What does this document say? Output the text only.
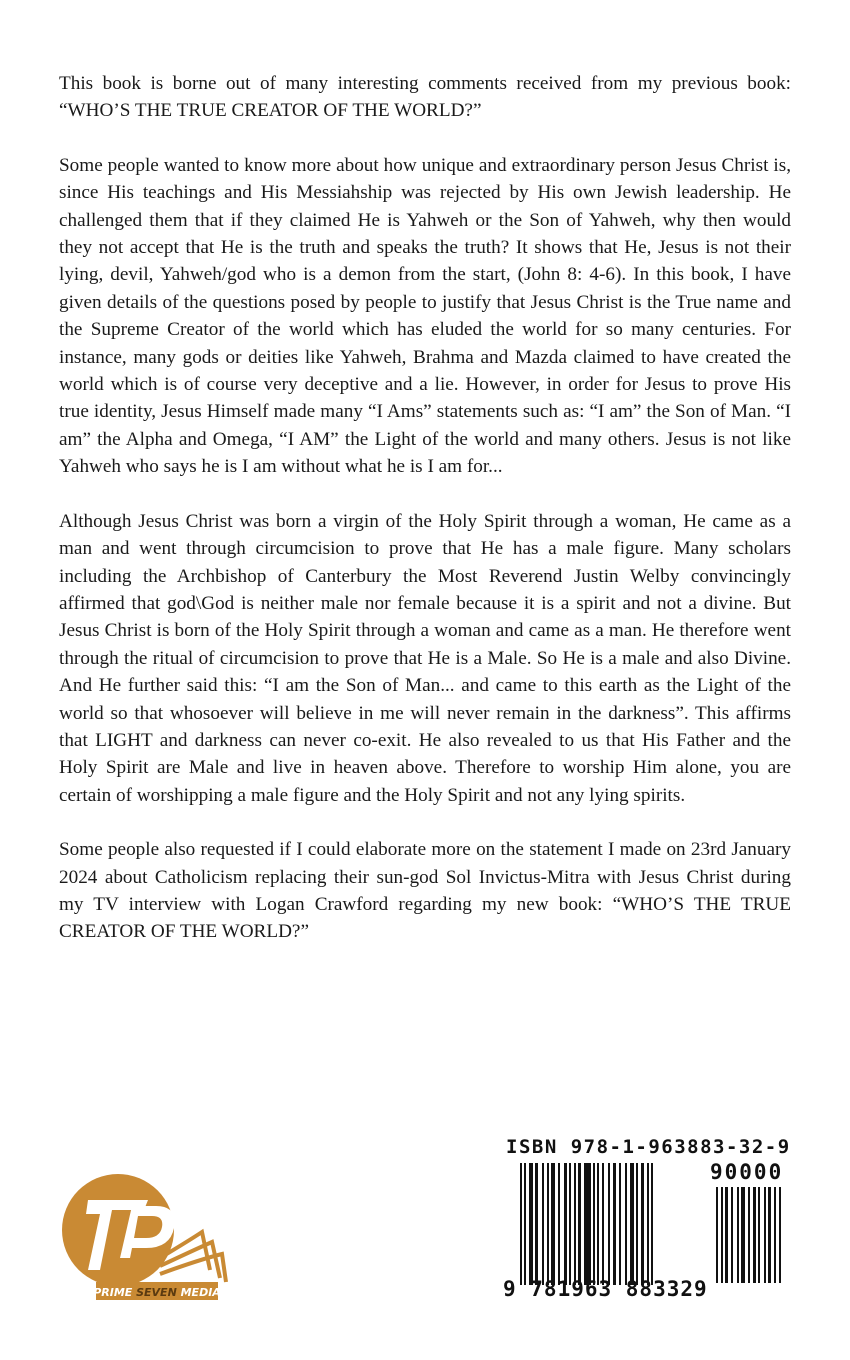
This book is borne out of many interesting comments received from my previous book: “WHO’S THE TRUE CREATOR OF THE WORLD?”

Some people wanted to know more about how unique and extraordinary person Jesus Christ is, since His teachings and His Messiahship was rejected by His own Jewish leadership. He challenged them that if they claimed He is Yahweh or the Son of Yahweh, why then would they not accept that He is the truth and speaks the truth? It shows that He, Jesus is not their lying, devil, Yahweh/god who is a demon from the start, (John 8: 4-6). In this book, I have given details of the questions posed by people to justify that Jesus Christ is the True name and the Supreme Creator of the world which has eluded the world for so many centuries. For instance, many gods or deities like Yahweh, Brahma and Mazda claimed to have created the world which is of course very deceptive and a lie. However, in order for Jesus to prove His true identity, Jesus Himself made many “I Ams” statements such as: “I am” the Son of Man. “I am” the Alpha and Omega, “I AM” the Light of the world and many others. Jesus is not like Yahweh who says he is I am without what he is I am for...

Although Jesus Christ was born a virgin of the Holy Spirit through a woman, He came as a man and went through circumcision to prove that He has a male figure. Many scholars including the Archbishop of Canterbury the Most Reverend Justin Welby convincingly affirmed that god\God is neither male nor female because it is a spirit and not a divine. But Jesus Christ is born of the Holy Spirit through a woman and came as a man. He therefore went through the ritual of circumcision to prove that He is a Male. So He is a male and also Divine. And He further said this: “I am the Son of Man... and came to this earth as the Light of the world so that whosoever will believe in me will never remain in the darkness”. This affirms that LIGHT and darkness can never co-exit. He also revealed to us that His Father and the Holy Spirit are Male and live in heaven above. Therefore to worship Him alone, you are certain of worshipping a male figure and the Holy Spirit and not any lying spirits.

Some people also requested if I could elaborate more on the statement I made on 23rd January 2024 about Catholicism replacing their sun-god Sol Invictus-Mitra with Jesus Christ during my TV interview with Logan Crawford regarding my new book: “WHO’S THE TRUE CREATOR OF THE WORLD?”

PRIME SEVEN MEDIA
ISBN 978-1-963883-32-9
90000
9 781963 883329
